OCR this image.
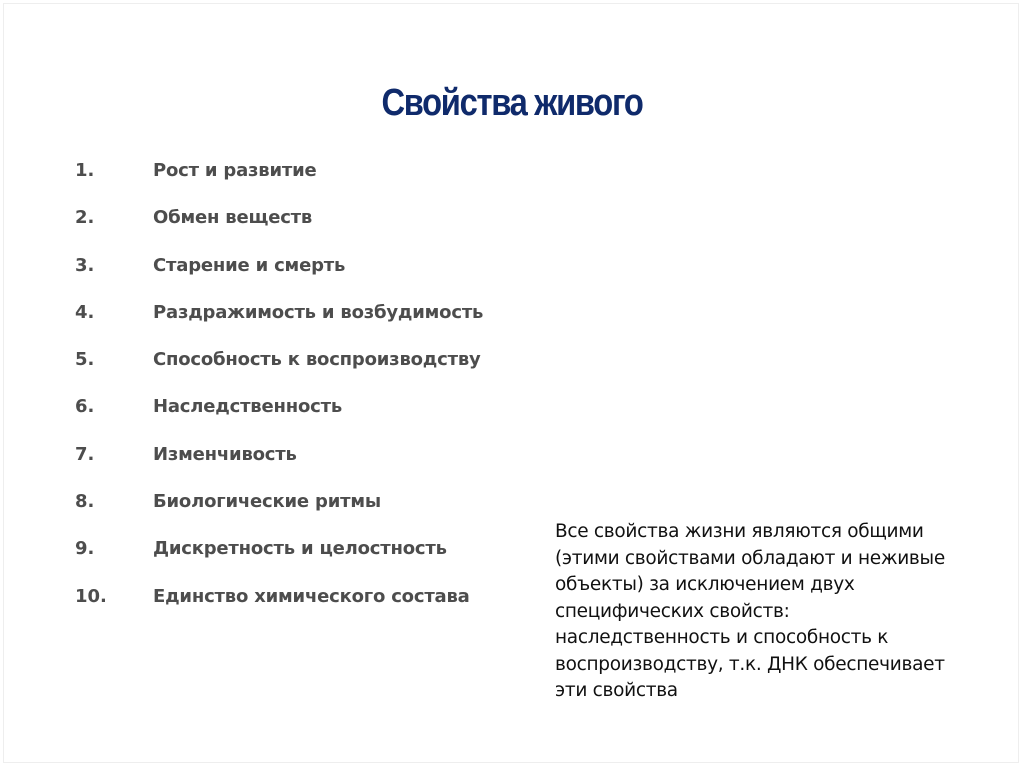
Свойства живого
1.	Рост и развитие
2.	Обмен веществ
3.	Старение и смерть
4.	Раздражимость и возбудимость
5.	Способность к воспроизводству
6.	Наследственность
7.	Изменчивость
8.	Биологические ритмы
9.	Дискретность и целостность
10.	Единство химического состава

Все свойства жизни являются общими
(этими свойствами обладают и неживые
объекты) за исключением двух
специфических свойств:
наследственность и способность к
воспроизводству, т.к. ДНК обеспечивает
эти свойства
